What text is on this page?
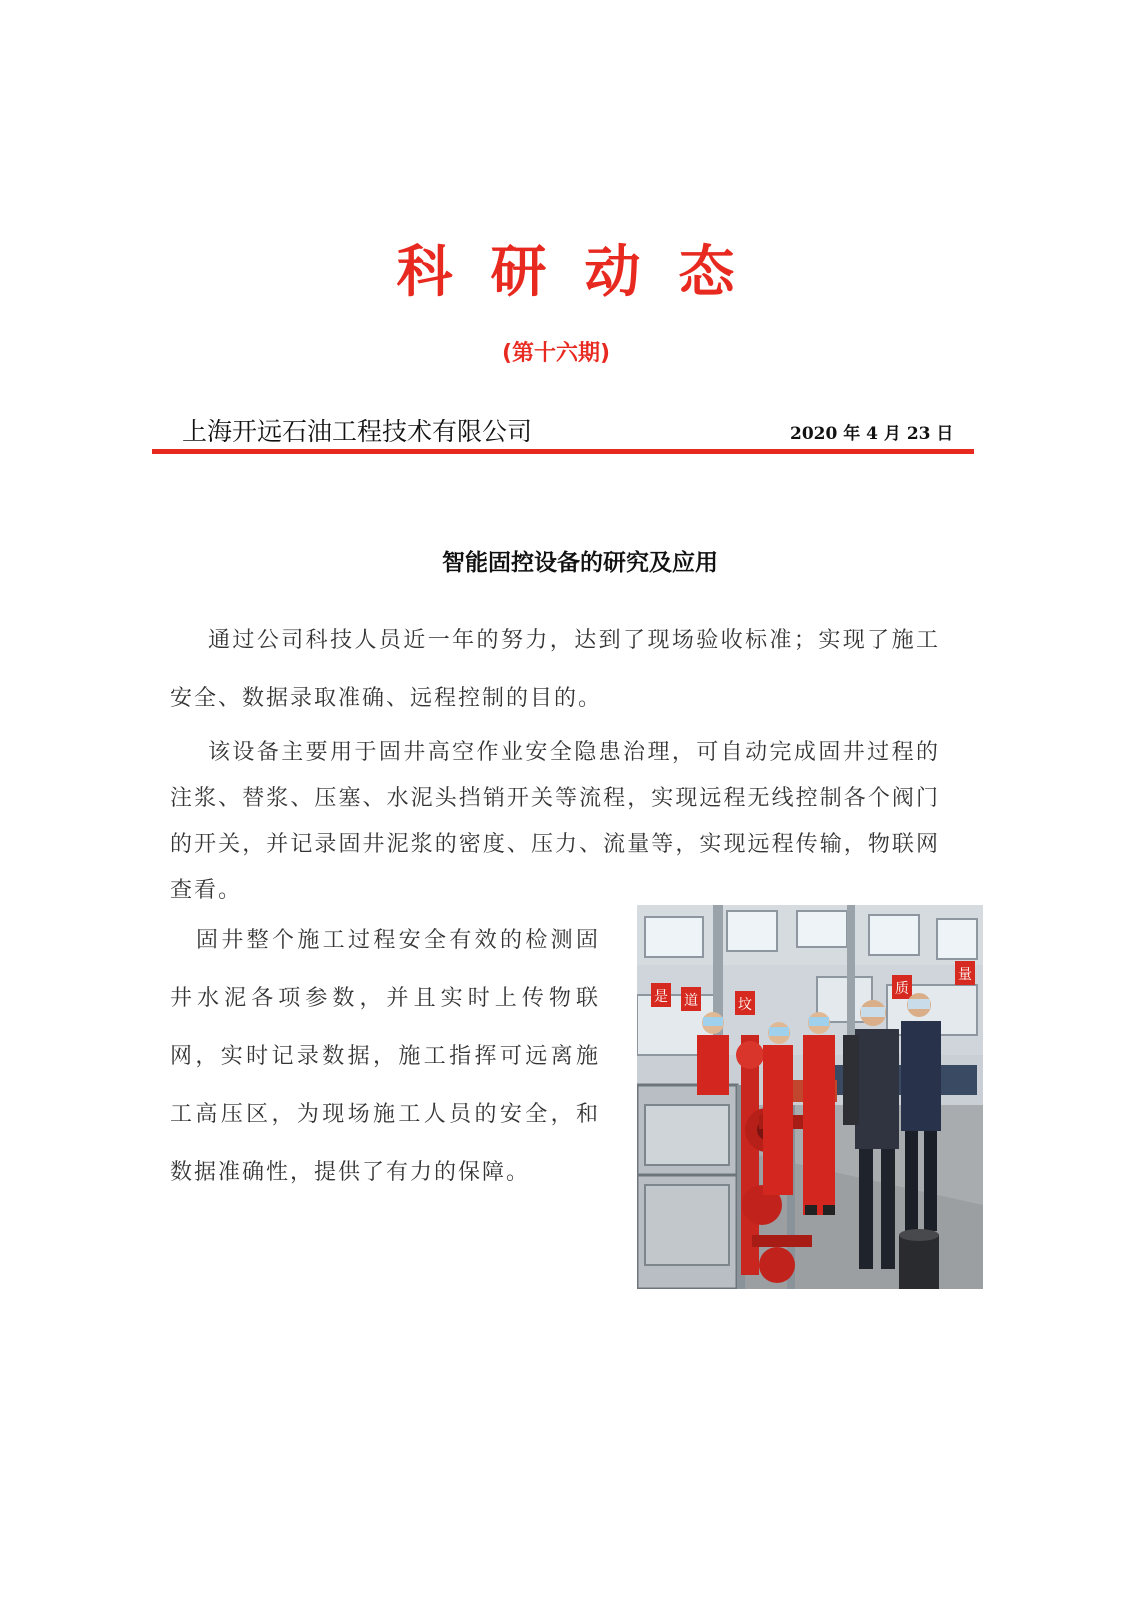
科研动态
(第十六期)
上海开远石油工程技术有限公司	2020 年 4 月 23 日
智能固控设备的研究及应用

通过公司科技人员近一年的努力，达到了现场验收标准；实现了施工安全、数据录取准确、远程控制的目的。

该设备主要用于固井高空作业安全隐患治理，可自动完成固井过程的注浆、替浆、压塞、水泥头挡销开关等流程，实现远程无线控制各个阀门的开关，并记录固井泥浆的密度、压力、流量等，实现远程传输，物联网查看。

固井整个施工过程安全有效的检测固井水泥各项参数，并且实时上传物联网，实时记录数据，施工指挥可远离施工高压区，为现场施工人员的安全，和数据准确性，提供了有力的保障。

是 道	坟
质
量
